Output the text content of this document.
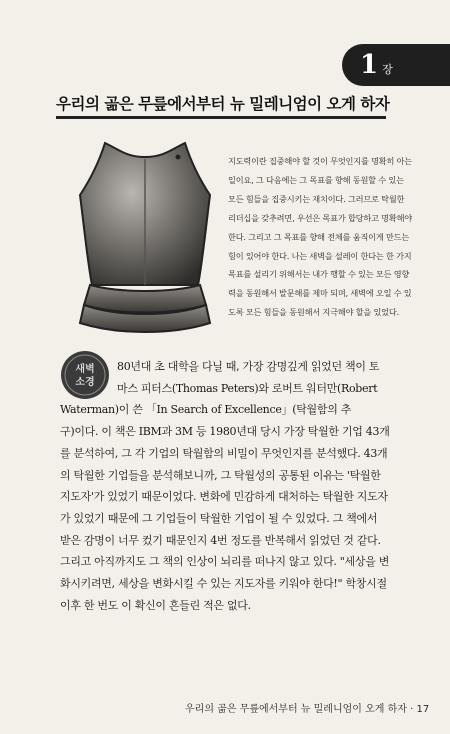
1 장
우리의 곪은 무릎에서부터 뉴 밀레니엄이 오게 하자

지도력이란 집중해야 할 것이 무엇인지를 명확히 아는

일이요, 그 다음에는 그 목표를 향해 동원할 수 있는

모든 힘들을 집중시키는 재치이다. 그러므로 탁월한

리더십을 갖추려면, 우선은 목표가 합당하고 명확해야

한다. 그리고 그 목표를 향해 전체를 움직이게 만드는

힘이 있어야 한다. 나는 새벽을 설레이 한다는 한 가지

목표를 설리기 위해서는 내가 행할 수 있는 모든 영향

력을 동원해서 발문해를 제마 되며, 새벽에 오일 수 있

도록 모든 힘들을 동원해서 지극해야 할을 있었다.

새벽
소경

80년대 초 대학을 다닐 때, 가장 감명깊게 읽었던 책이 토

마스 피터스(Thomas Peters)와 로버트 워터만(Robert

Waterman)이 쓴 「In Search of Excellence」(탁월함의 추

구)이다. 이 책은 IBM과 3M 등 1980년대 당시 가장 탁월한 기업 43개

를 분석하여, 그 각 기업의 탁월함의 비밀이 무엇인지를 분석했다. 43개

의 탁월한 기업들을 분석해보니까, 그 탁월성의 공통된 이유는 '탁월한

지도자'가 있었기 때문이었다. 변화에 민감하게 대처하는 탁월한 지도자

가 있었기 때문에 그 기업들이 탁월한 기업이 될 수 있었다. 그 책에서

받은 감명이 너무 컸기 때문인지 4번 정도를 반복해서 읽었던 것 같다.

그리고 아직까지도 그 책의 인상이 뇌리를 떠나지 않고 있다. "세상을 변

화시키려면, 세상을 변화시킬 수 있는 지도자를 키워야 한다!" 학창시절

이후 한 번도 이 확신이 흔들린 적은 없다.

우리의 곪은 무릎에서부터 뉴 밀레니엄이 오게 하자 · 17
